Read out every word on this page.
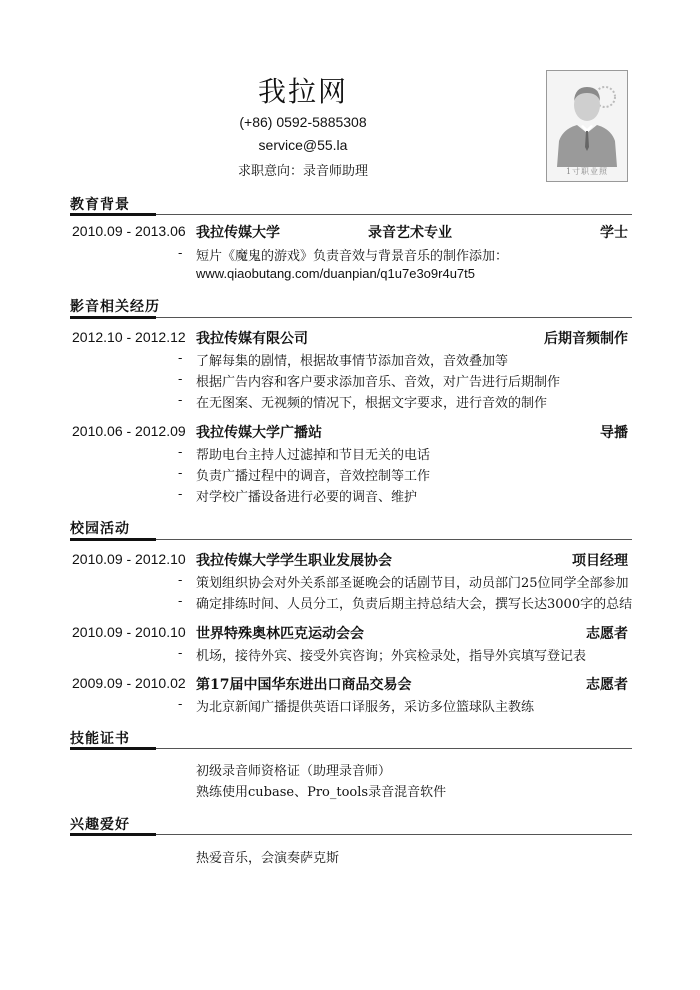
我拉网
(+86) 0592-5885308
service@55.la
求职意向：录音师助理	1寸职业照
教育背景
2010.09 - 2013.06 我拉传媒大学	录音艺术专业	学士
- 短片《魔鬼的游戏》负责音效与背景音乐的制作添加：
www.qiaobutang.com/duanpian/q1u7e3o9r4u7t5
影音相关经历
2012.10 - 2012.12 我拉传媒有限公司	后期音频制作
- 了解每集的剧情，根据故事情节添加音效，音效叠加等
- 根据广告内容和客户要求添加音乐、音效，对广告进行后期制作
- 在无图案、无视频的情况下，根据文字要求，进行音效的制作
2010.06 - 2012.09 我拉传媒大学广播站	导播
- 帮助电台主持人过滤掉和节目无关的电话
- 负责广播过程中的调音，音效控制等工作
- 对学校广播设备进行必要的调音、维护
校园活动
2010.09 - 2012.10 我拉传媒大学学生职业发展协会	项目经理
- 策划组织协会对外关系部圣诞晚会的话剧节目，动员部门25位同学全部参加
- 确定排练时间、人员分工，负责后期主持总结大会，撰写长达3000字的总结
2010.09 - 2010.10 世界特殊奥林匹克运动会会	志愿者
- 机场，接待外宾、接受外宾咨询；外宾检录处，指导外宾填写登记表
2009.09 - 2010.02 第17届中国华东进出口商品交易会	志愿者
- 为北京新闻广播提供英语口译服务，采访多位篮球队主教练
技能证书
初级录音师资格证（助理录音师）
熟练使用cubase、Pro_tools录音混音软件
兴趣爱好
热爱音乐，会演奏萨克斯
